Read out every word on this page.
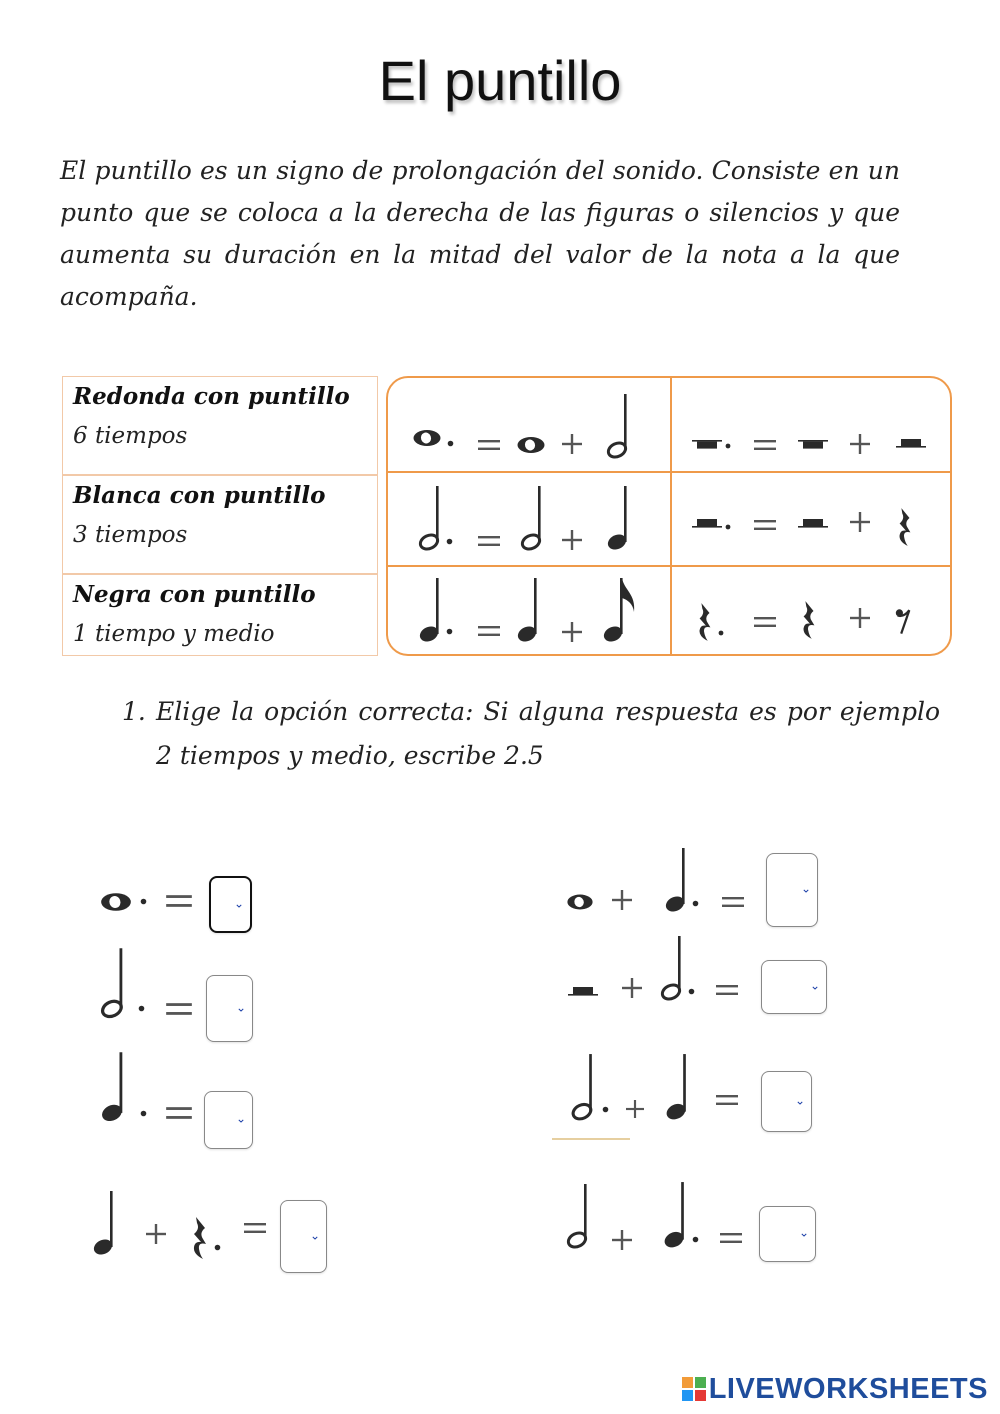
El puntillo
El puntillo es un signo de prolongación del sonido. Consiste en un punto que se coloca a la derecha de las figuras o silencios y que aumenta su duración en la mitad del valor de la nota a la que acompaña.
Redonda con puntillo
6 tiempos
Blanca con puntillo
3 tiempos
Negra con puntillo
1 tiempo y medio
1. Elige la opción correcta: Si alguna respuesta es por ejemplo 2 tiempos y medio, escribe 2.5
⌄
⌄
⌄
⌄
⌄
⌄
⌄
⌄
LIVEWORKSHEETS
